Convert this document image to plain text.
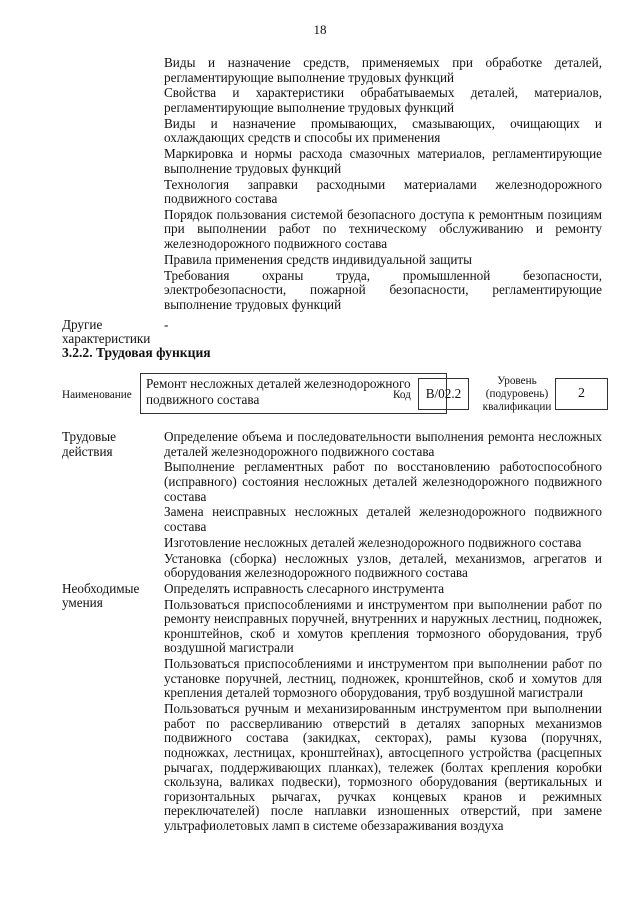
18
Виды и назначение средств, применяемых при обработке деталей, регламентирующие выполнение трудовых функций
Свойства и характеристики обрабатываемых деталей, материалов, регламентирующие выполнение трудовых функций
Виды и назначение промывающих, смазывающих, очищающих и охлаждающих средств и способы их применения
Маркировка и нормы расхода смазочных материалов, регламентирующие выполнение трудовых функций
Технология заправки расходными материалами железнодорожного подвижного состава
Порядок пользования системой безопасного доступа к ремонтным позициям при выполнении работ по техническому обслуживанию и ремонту железнодорожного подвижного состава
Правила применения средств индивидуальной защиты
Требования охраны труда, промышленной безопасности, электробезопасности, пожарной безопасности, регламентирующие выполнение трудовых функций
Другие характеристики
-
3.2.2. Трудовая функция
Наименование
Ремонт несложных деталей железнодорожного подвижного состава	Код	В/02.2
Уровень (подуровень) квалификации
2
Трудовые действия
Определение объема и последовательности выполнения ремонта несложных деталей железнодорожного подвижного состава
Выполнение регламентных работ по восстановлению работоспособного (исправного) состояния несложных деталей железнодорожного подвижного состава
Замена неисправных несложных деталей железнодорожного подвижного состава
Изготовление несложных деталей железнодорожного подвижного состава
Установка (сборка) несложных узлов, деталей, механизмов, агрегатов и оборудования железнодорожного подвижного состава
Необходимые умения
Определять исправность слесарного инструмента
Пользоваться приспособлениями и инструментом при выполнении работ по ремонту неисправных поручней, внутренних и наружных лестниц, подножек, кронштейнов, скоб и хомутов крепления тормозного оборудования, труб воздушной магистрали
Пользоваться приспособлениями и инструментом при выполнении работ по установке поручней, лестниц, подножек, кронштейнов, скоб и хомутов для крепления деталей тормозного оборудования, труб воздушной магистрали
Пользоваться ручным и механизированным инструментом при выполнении работ по рассверливанию отверстий в деталях запорных механизмов подвижного состава (закидках, секторах), рамы кузова (поручнях, подножках, лестницах, кронштейнах), автосцепного устройства (расцепных рычагах, поддерживающих планках), тележек (болтах крепления коробки скользуна, валиках подвески), тормозного оборудования (вертикальных и горизонтальных рычагах, ручках концевых кранов и режимных переключателей) после наплавки изношенных отверстий, при замене ультрафиолетовых ламп в системе обеззараживания воздуха
